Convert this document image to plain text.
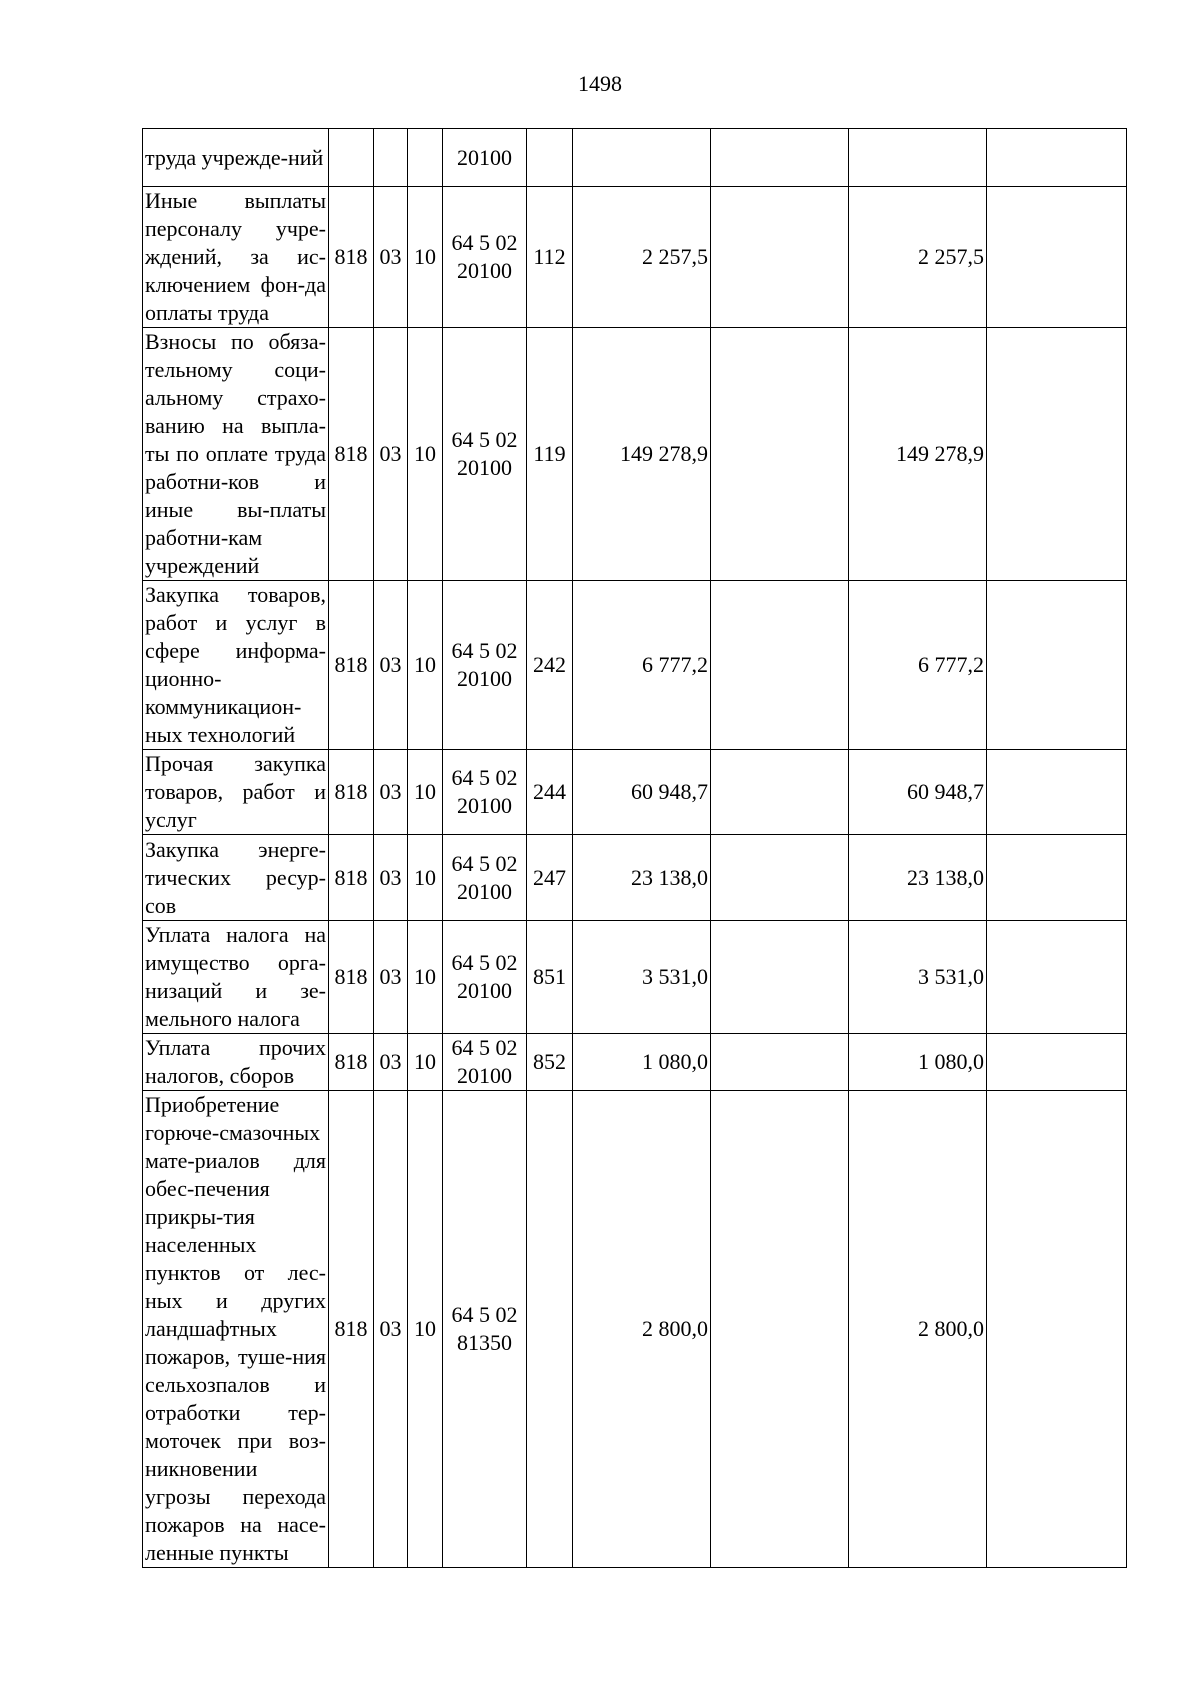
1498
труда учрежде-ний				20100					
Иные выплаты персоналу учре-ждений, за ис-ключением фон-да оплаты труда	818	03	10	64 5 02 20100	112	2 257,5		2 257,5	
Взносы по обяза-тельному соци-альному страхо-ванию на выпла-ты по оплате труда работни-ков и иные вы-платы работни-кам учреждений	818	03	10	64 5 02 20100	119	149 278,9		149 278,9	
Закупка товаров, работ и услуг в сфере информа-ционно-коммуникацион-ных технологий	818	03	10	64 5 02 20100	242	6 777,2		6 777,2	
Прочая закупка товаров, работ и услуг	818	03	10	64 5 02 20100	244	60 948,7		60 948,7	
Закупка энерге-тических ресур-сов	818	03	10	64 5 02 20100	247	23 138,0		23 138,0	
Уплата налога на имущество орга-низаций и зе-мельного налога	818	03	10	64 5 02 20100	851	3 531,0		3 531,0	
Уплата прочих налогов, сборов	818	03	10	64 5 02 20100	852	1 080,0		1 080,0	
Приобретение горюче-смазочных мате-риалов для обес-печения прикры-тия населенных пунктов от лес-ных и других ландшафтных пожаров, туше-ния сельхозпалов и отработки тер-моточек при воз-никновении угрозы перехода пожаров на насе-ленные пункты	818	03	10	64 5 02 81350		2 800,0		2 800,0	
